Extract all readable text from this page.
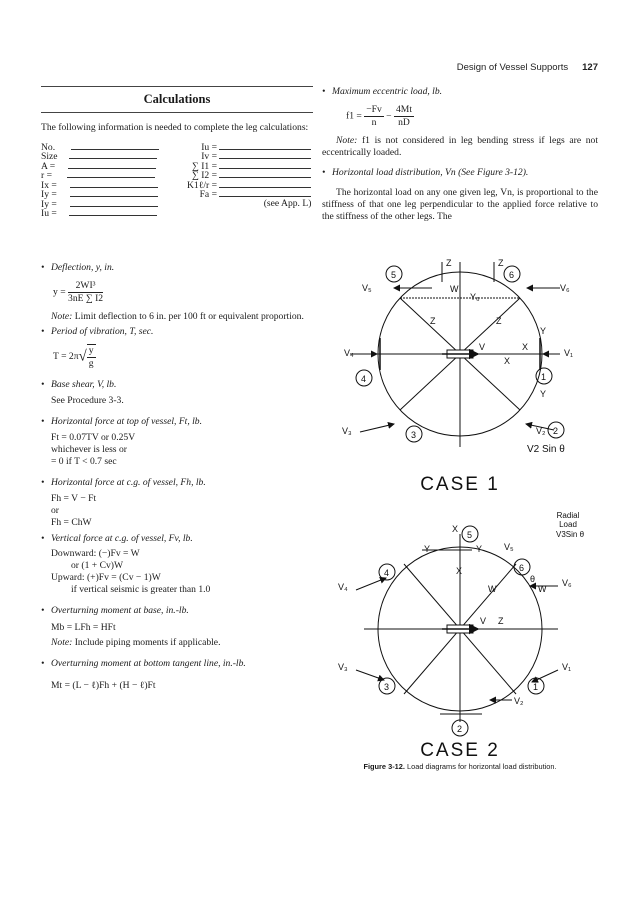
Design of Vessel Supports 127
Calculations

The following information is needed to complete the leg calculations:

No.
Size
A =
r =
Ix =
Iy =
Iy =
Iu =
Iu =
Iv =
∑ I1 =
∑ I2 =
K1ℓ/r =
Fa =
(see App. L)

• Deflection, y, in.

$y = \frac{\text{2WI³}}{3nE \sum I2}$

Note: Limit deflection to 6 in. per 100 ft or equivalent proportion.

• Period of vibration, T, sec.

$T = 2\pi√ \frac{y}{g}$

• Base shear, V, lb.

See Procedure 3-3.

• Horizontal force at top of vessel, Ft, lb.

Ft = 0.07TV or 0.25V

whichever is less or

= 0 if T < 0.7 sec

• Horizontal force at c.g. of vessel, Fh, lb.

Fh = V − Ft

or

Fh = ChW

• Vertical force at c.g. of vessel, Fv, lb.

Downward: (−)Fv = W

or (1 + Cv)W

Upward: (+)Fv = (Cv − 1)W

if vertical seismic is greater than 1.0

• Overturning moment at base, in.-lb.

Mb = LFh = HFt

Note: Include piping moments if applicable.

• Overturning moment at bottom tangent line, in.-lb.

Mt = (L − ℓ)Fh + (H − ℓ)Ft

• Maximum eccentric load, lb.

$f1 = \frac{-Fv}{n} - \frac{4Mt}{nD}$

Note: f1 is not considered in leg bending stress if legs are not eccentrically loaded.

• Horizontal load distribution, Vn (See Figure 3-12).

The horizontal load on any one given leg, Vn, is proportional to the stiffness of that one leg perpendicular to the applied force relative to the stiffness of the other legs. The

5	6
4	1
3	2
V₄	V₁
V₅	V₆
V₃	V₂
Z	Z
W
Y₆
Z	Z
V	X
X
Y
Y
V2 Sin θ
CASE 1
5
6
4
3	1
2
V₄
V₃
V₆
V₁
V₂
V₅
X
Y	Y
X
W	W
θ
V Z
Radial
Load
V3Sin θ
CASE 2
Figure 3-12. Load diagrams for horizontal load distribution.
